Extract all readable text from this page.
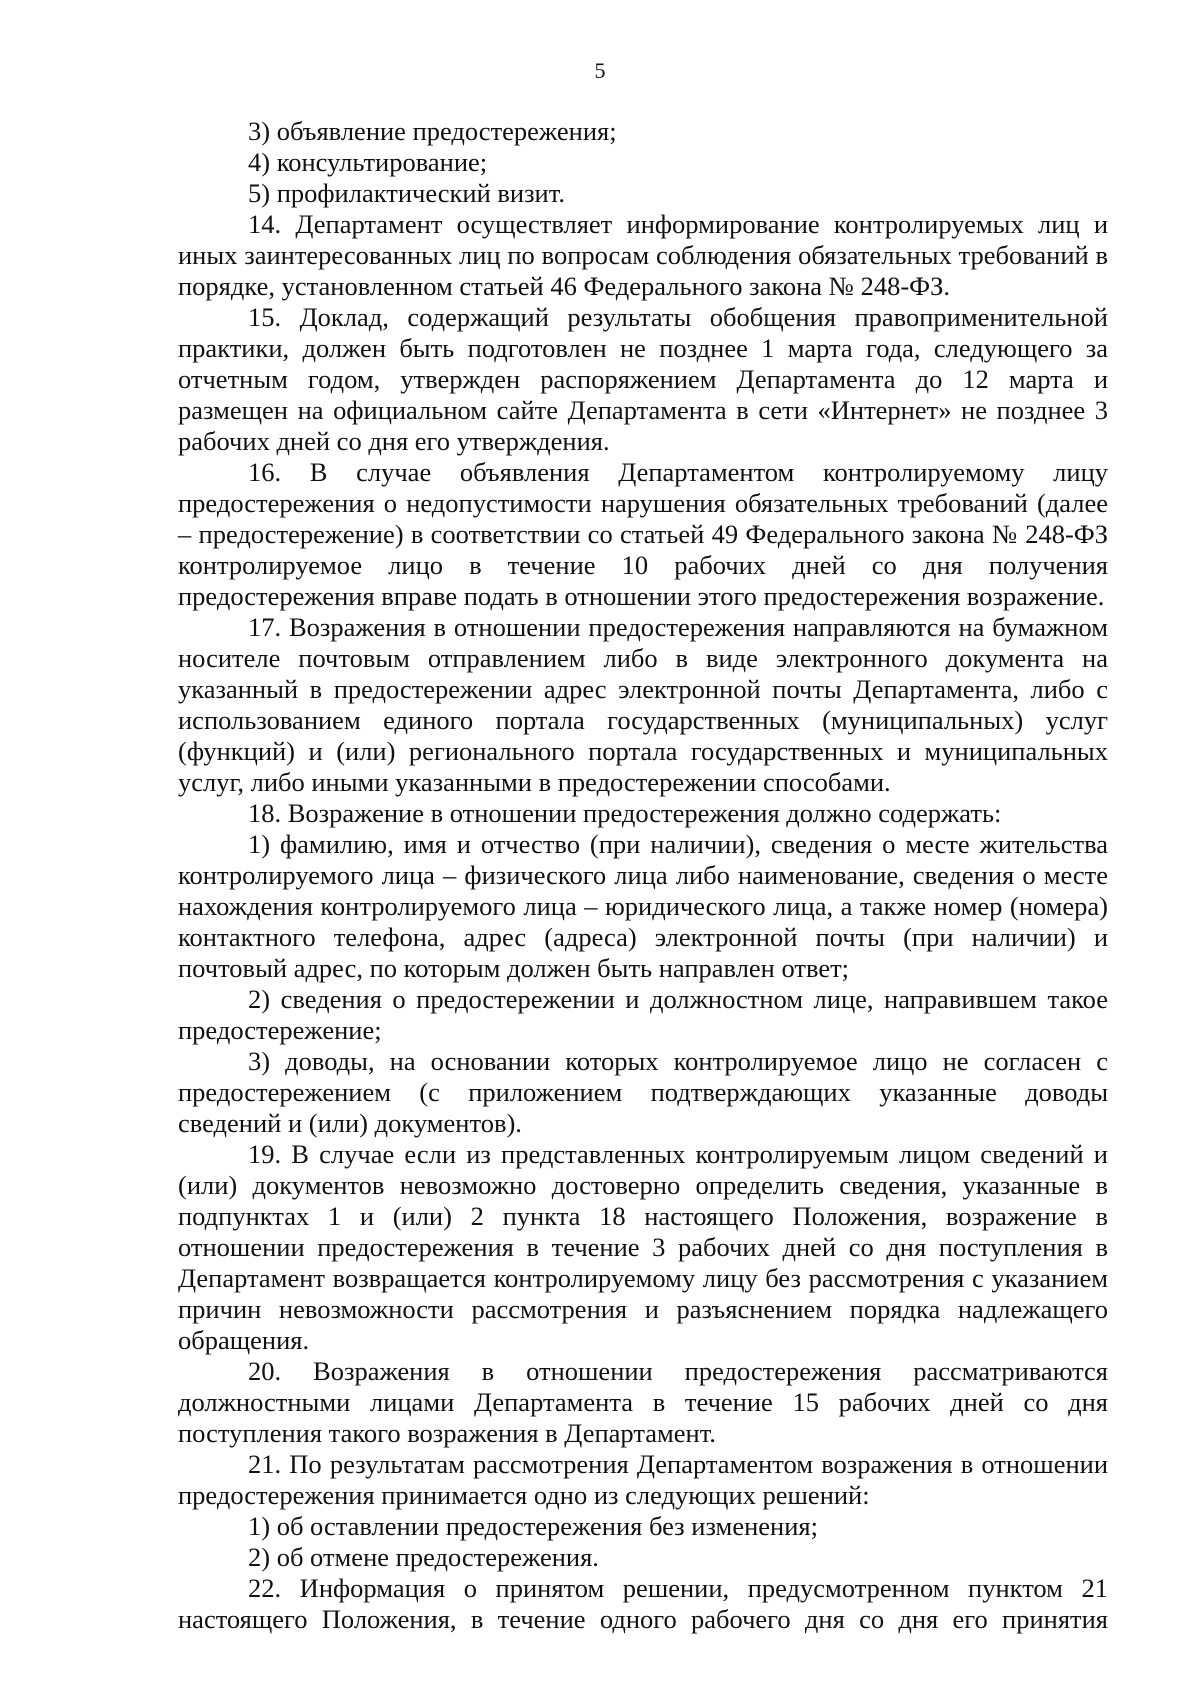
5

3) объявление предостережения;

4) консультирование;

5) профилактический визит.

14. Департамент осуществляет информирование контролируемых лиц и иных заинтересованных лиц по вопросам соблюдения обязательных требований в порядке, установленном статьей 46 Федерального закона № 248-ФЗ.

15. Доклад, содержащий результаты обобщения правоприменительной практики, должен быть подготовлен не позднее 1 марта года, следующего за отчетным годом, утвержден распоряжением Департамента до 12 марта и размещен на официальном сайте Департамента в сети «Интернет» не позднее 3 рабочих дней со дня его утверждения.

16. В случае объявления Департаментом контролируемому лицу предостережения о недопустимости нарушения обязательных требований (далее – предостережение) в соответствии со статьей 49 Федерального закона № 248-ФЗ контролируемое лицо в течение 10 рабочих дней со дня получения предостережения вправе подать в отношении этого предостережения возражение.

17. Возражения в отношении предостережения направляются на бумажном носителе почтовым отправлением либо в виде электронного документа на указанный в предостережении адрес электронной почты Департамента, либо с использованием единого портала государственных (муниципальных) услуг (функций) и (или) регионального портала государственных и муниципальных услуг, либо иными указанными в предостережении способами.

18. Возражение в отношении предостережения должно содержать:

1) фамилию, имя и отчество (при наличии), сведения о месте жительства контролируемого лица – физического лица либо наименование, сведения о месте нахождения контролируемого лица – юридического лица, а также номер (номера) контактного телефона, адрес (адреса) электронной почты (при наличии) и почтовый адрес, по которым должен быть направлен ответ;

2) сведения о предостережении и должностном лице, направившем такое предостережение;

3) доводы, на основании которых контролируемое лицо не согласен с предостережением (с приложением подтверждающих указанные доводы сведений и (или) документов).

19. В случае если из представленных контролируемым лицом сведений и (или) документов невозможно достоверно определить сведения, указанные в подпунктах 1 и (или) 2 пункта 18 настоящего Положения, возражение в отношении предостережения в течение 3 рабочих дней со дня поступления в Департамент возвращается контролируемому лицу без рассмотрения с указанием причин невозможности рассмотрения и разъяснением порядка надлежащего обращения.

20. Возражения в отношении предостережения рассматриваются должностными лицами Департамента в течение 15 рабочих дней со дня поступления такого возражения в Департамент.

21. По результатам рассмотрения Департаментом возражения в отношении предостережения принимается одно из следующих решений:

1) об оставлении предостережения без изменения;

2) об отмене предостережения.

22. Информация о принятом решении, предусмотренном пунктом 21 настоящего Положения, в течение одного рабочего дня со дня его принятия
